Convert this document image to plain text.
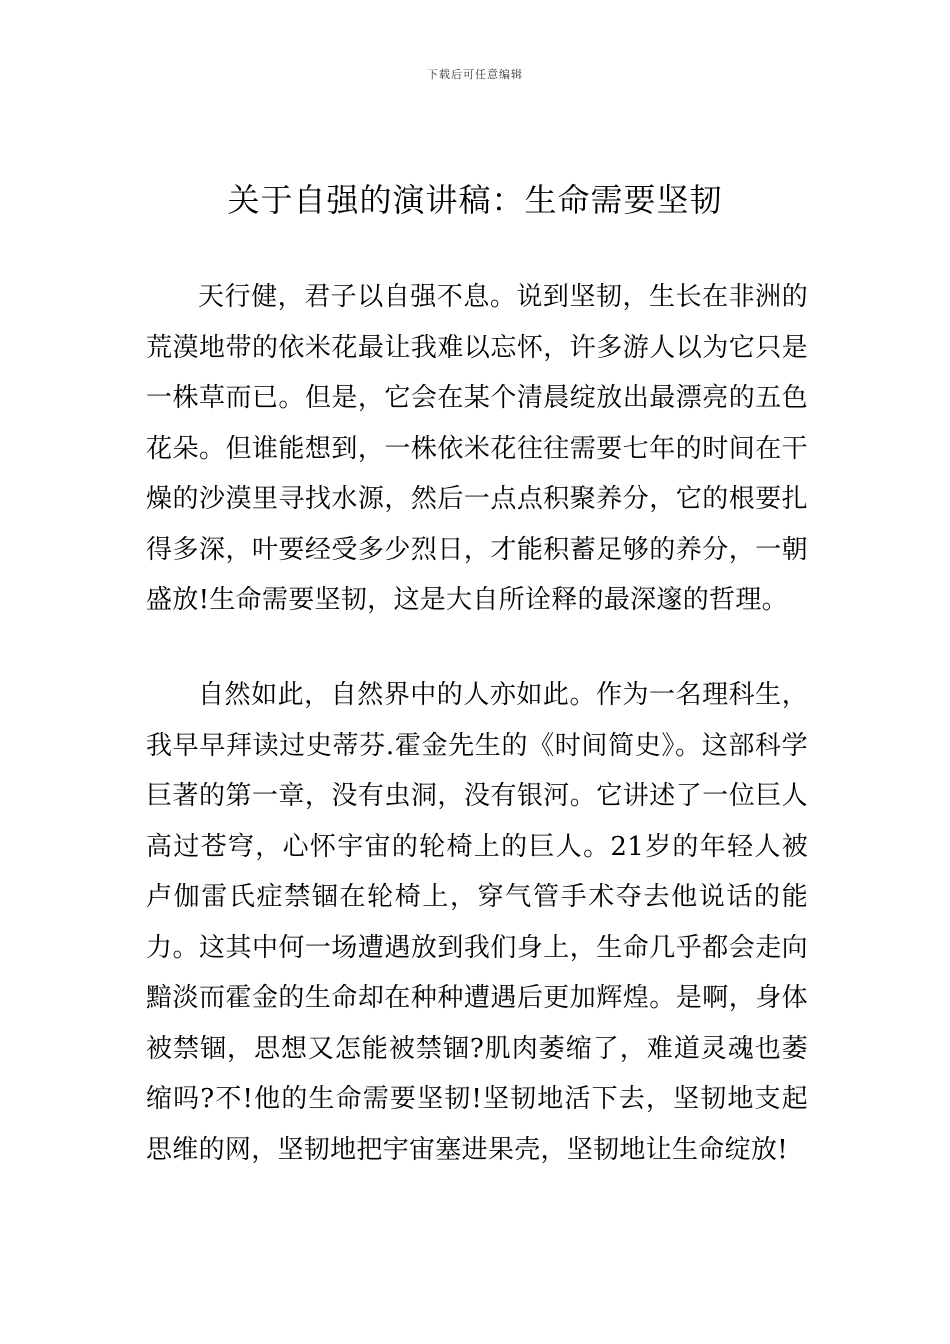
下载后可任意编辑
关于自强的演讲稿：生命需要坚韧

天行健，君子以自强不息。说到坚韧，生长在非洲的荒漠地带的依米花最让我难以忘怀，许多游人以为它只是一株草而已。但是，它会在某个清晨绽放出最漂亮的五色花朵。但谁能想到，一株依米花往往需要七年的时间在干燥的沙漠里寻找水源，然后一点点积聚养分，它的根要扎得多深，叶要经受多少烈日，才能积蓄足够的养分，一朝盛放!生命需要坚韧，这是大自所诠释的最深邃的哲理。

自然如此，自然界中的人亦如此。作为一名理科生，我早早拜读过史蒂芬.霍金先生的《时间简史》。这部科学巨著的第一章，没有虫洞，没有银河。它讲述了一位巨人高过苍穹，心怀宇宙的轮椅上的巨人。21岁的年轻人被卢伽雷氏症禁锢在轮椅上，穿气管手术夺去他说话的能力。这其中何一场遭遇放到我们身上，生命几乎都会走向黯淡而霍金的生命却在种种遭遇后更加辉煌。是啊，身体被禁锢，思想又怎能被禁锢?肌肉萎缩了，难道灵魂也萎缩吗?不!他的生命需要坚韧!坚韧地活下去，坚韧地支起思维的网，坚韧地把宇宙塞进果壳，坚韧地让生命绽放!
